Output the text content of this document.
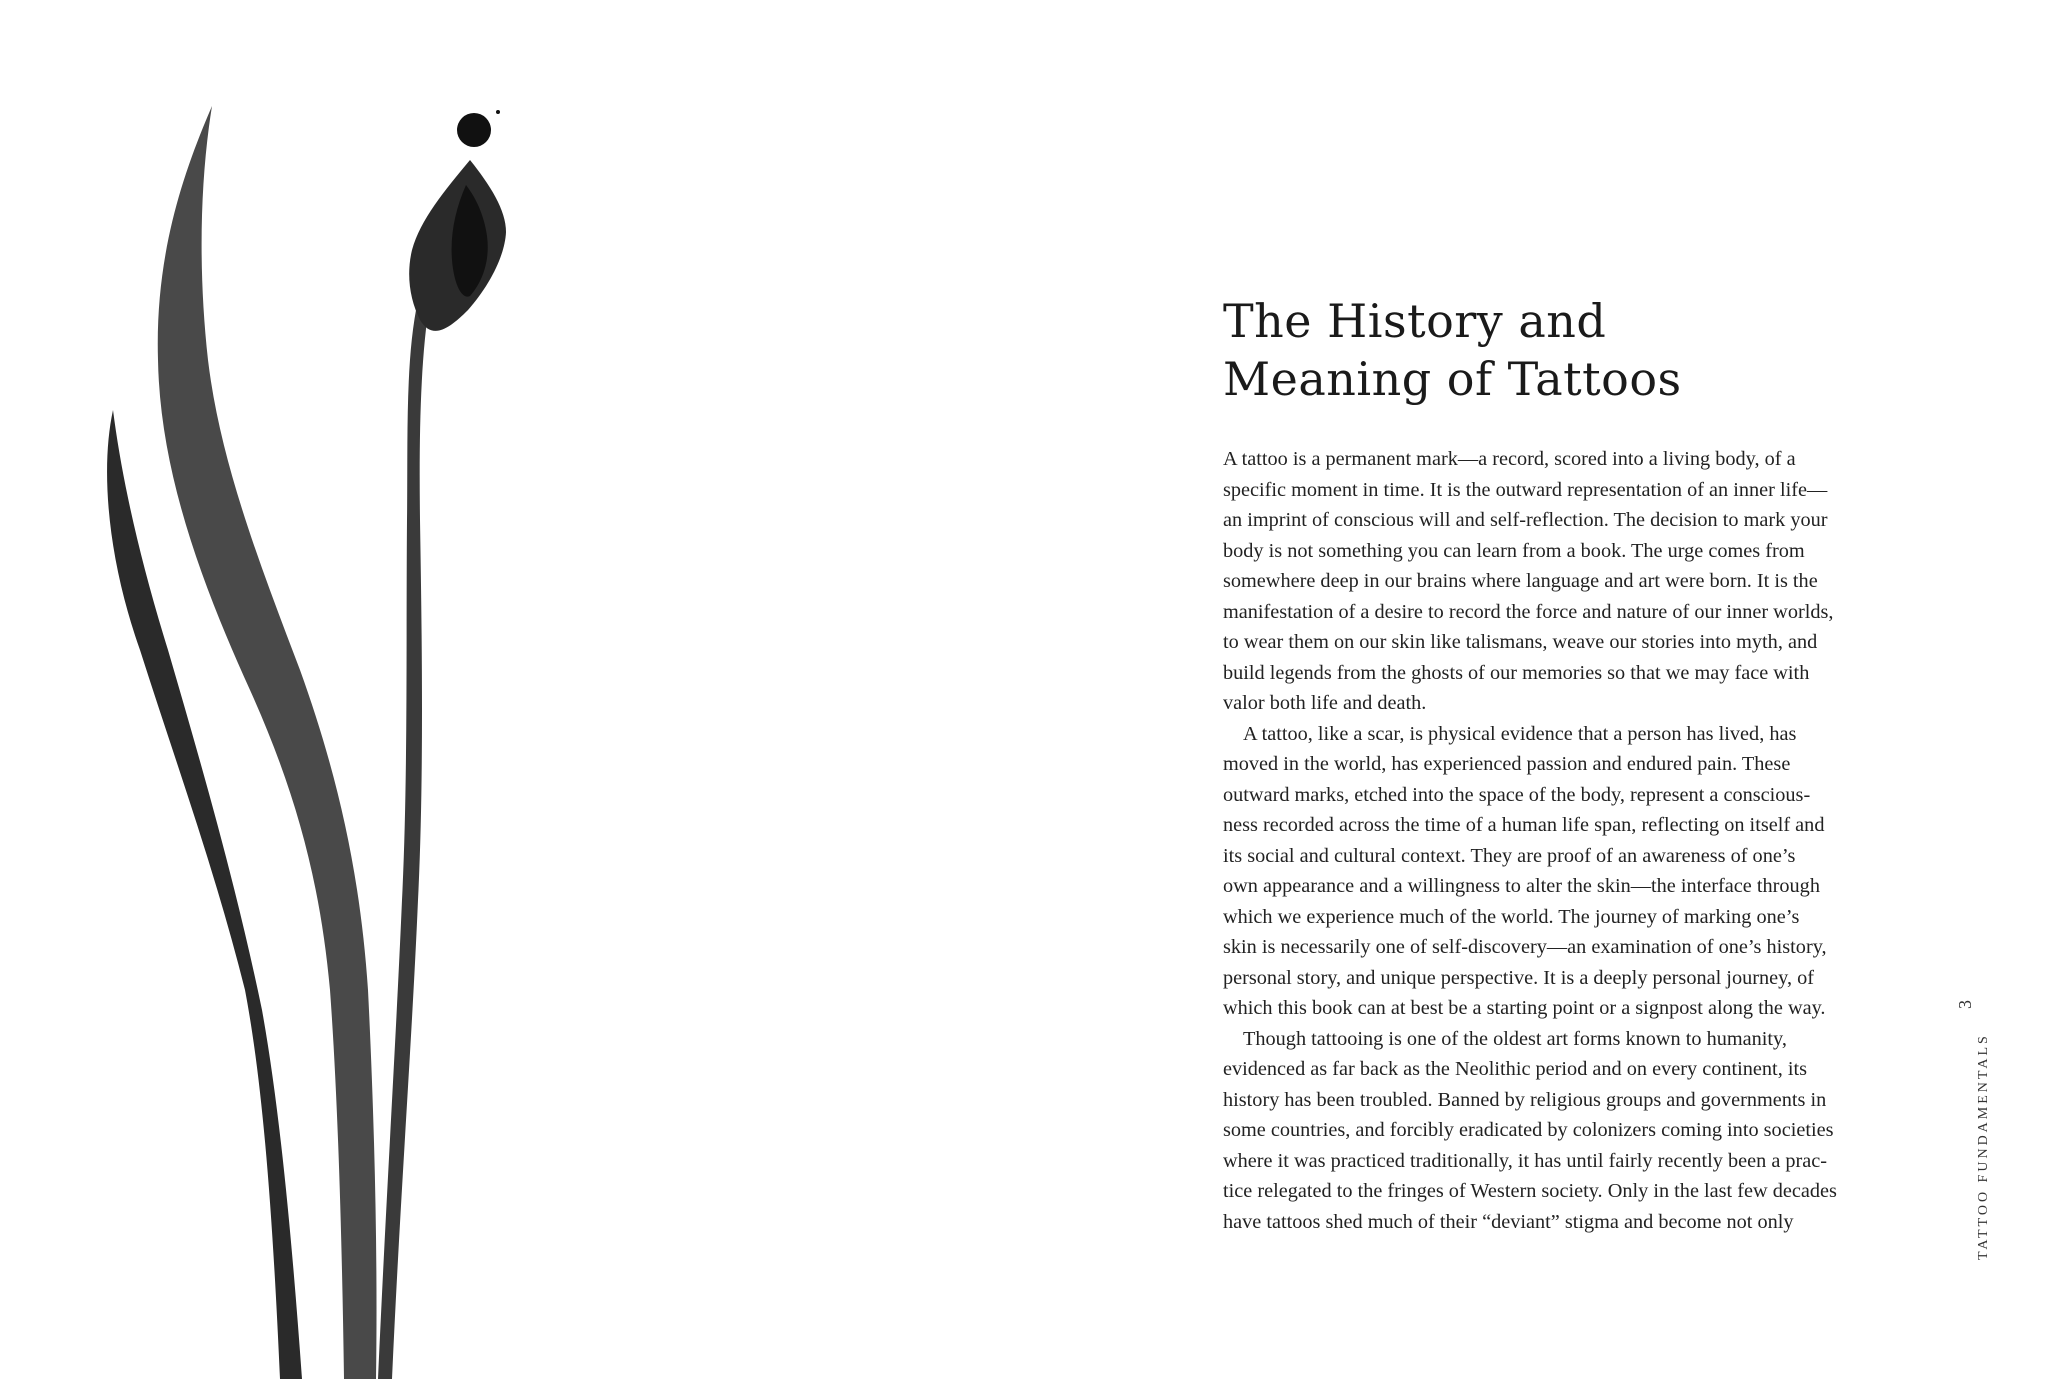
The History and
Meaning of Tattoos
A tattoo is a permanent mark—a record, scored into a living body, of a
specific moment in time. It is the outward representation of an inner life—
an imprint of conscious will and self-reflection. The decision to mark your
body is not something you can learn from a book. The urge comes from
somewhere deep in our brains where language and art were born. It is the
manifestation of a desire to record the force and nature of our inner worlds,
to wear them on our skin like talismans, weave our stories into myth, and
build legends from the ghosts of our memories so that we may face with
valor both life and death.
A tattoo, like a scar, is physical evidence that a person has lived, has
moved in the world, has experienced passion and endured pain. These
outward marks, etched into the space of the body, represent a conscious-
ness recorded across the time of a human life span, reflecting on itself and
its social and cultural context. They are proof of an awareness of one’s
own appearance and a willingness to alter the skin—the interface through
which we experience much of the world. The journey of marking one’s
skin is necessarily one of self-discovery—an examination of one’s history,
personal story, and unique perspective. It is a deeply personal journey, of
which this book can at best be a starting point or a signpost along the way.
Though tattooing is one of the oldest art forms known to humanity,
evidenced as far back as the Neolithic period and on every continent, its
history has been troubled. Banned by religious groups and governments in
some countries, and forcibly eradicated by colonizers coming into societies
where it was practiced traditionally, it has until fairly recently been a prac-
tice relegated to the fringes of Western society. Only in the last few decades
have tattoos shed much of their “deviant” stigma and become not only
3
TATTOO FUNDAMENTALS
